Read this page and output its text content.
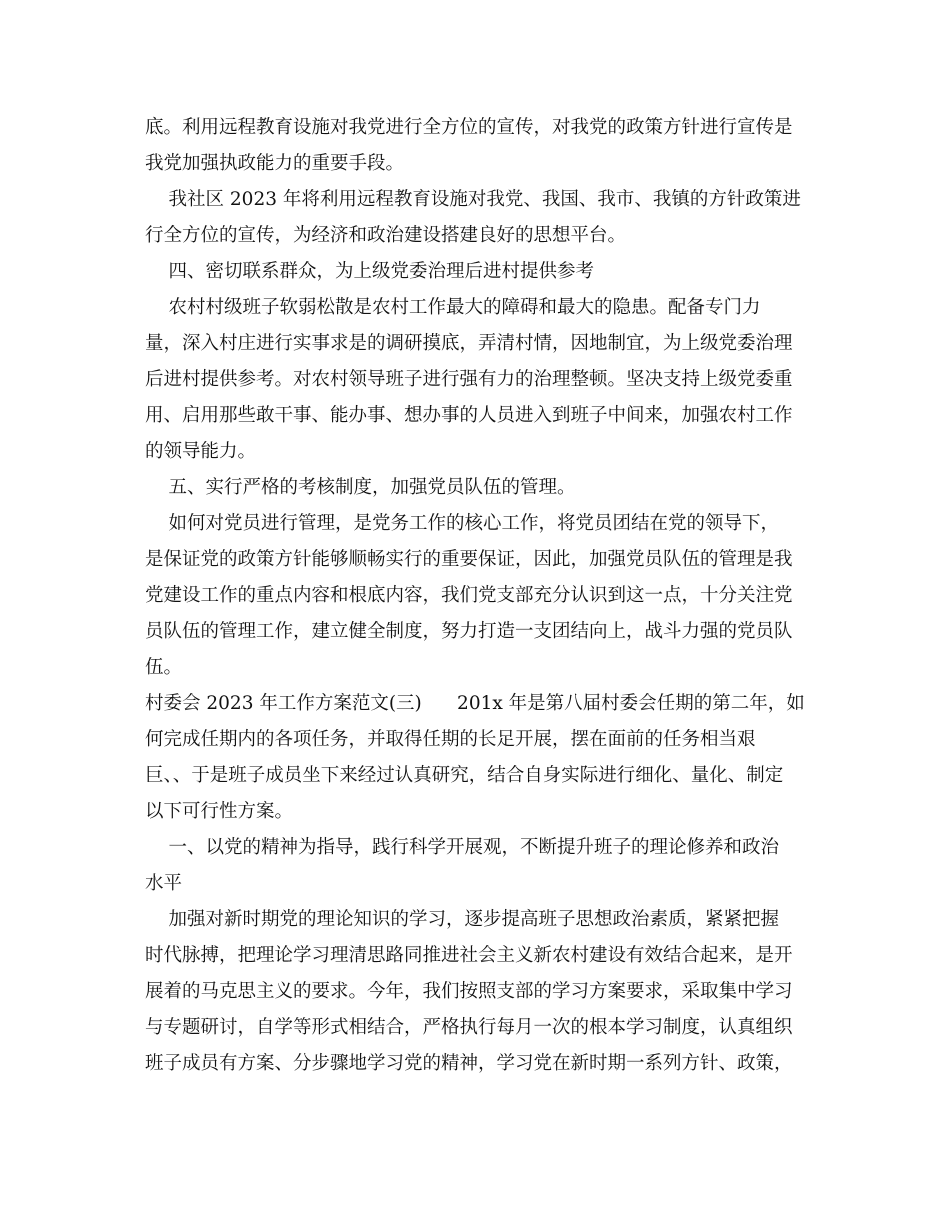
底。利用远程教育设施对我党进行全方位的宣传，对我党的政策方针进行宣传是
我党加强执政能力的重要手段。
我社区 2023 年将利用远程教育设施对我党、我国、我市、我镇的方针政策进
行全方位的宣传，为经济和政治建设搭建良好的思想平台。
四、密切联系群众，为上级党委治理后进村提供参考
农村村级班子软弱松散是农村工作最大的障碍和最大的隐患。配备专门力
量，深入村庄进行实事求是的调研摸底，弄清村情，因地制宜，为上级党委治理
后进村提供参考。对农村领导班子进行强有力的治理整顿。坚决支持上级党委重
用、启用那些敢干事、能办事、想办事的人员进入到班子中间来，加强农村工作
的领导能力。
五、实行严格的考核制度，加强党员队伍的管理。
如何对党员进行管理，是党务工作的核心工作，将党员团结在党的领导下，
是保证党的政策方针能够顺畅实行的重要保证，因此，加强党员队伍的管理是我
党建设工作的重点内容和根底内容，我们党支部充分认识到这一点，十分关注党
员队伍的管理工作，建立健全制度，努力打造一支团结向上，战斗力强的党员队
伍。
村委会 2023 年工作方案范文(三)      201x 年是第八届村委会任期的第二年，如
何完成任期内的各项任务，并取得任期的长足开展，摆在面前的任务相当艰
巨、、于是班子成员坐下来经过认真研究，结合自身实际进行细化、量化、制定
以下可行性方案。
一、以党的精神为指导，践行科学开展观，不断提升班子的理论修养和政治
水平
加强对新时期党的理论知识的学习，逐步提高班子思想政治素质，紧紧把握
时代脉搏，把理论学习理清思路同推进社会主义新农村建设有效结合起来，是开
展着的马克思主义的要求。今年，我们按照支部的学习方案要求，采取集中学习
与专题研讨，自学等形式相结合，严格执行每月一次的根本学习制度，认真组织
班子成员有方案、分步骤地学习党的精神，学习党在新时期一系列方针、政策，
